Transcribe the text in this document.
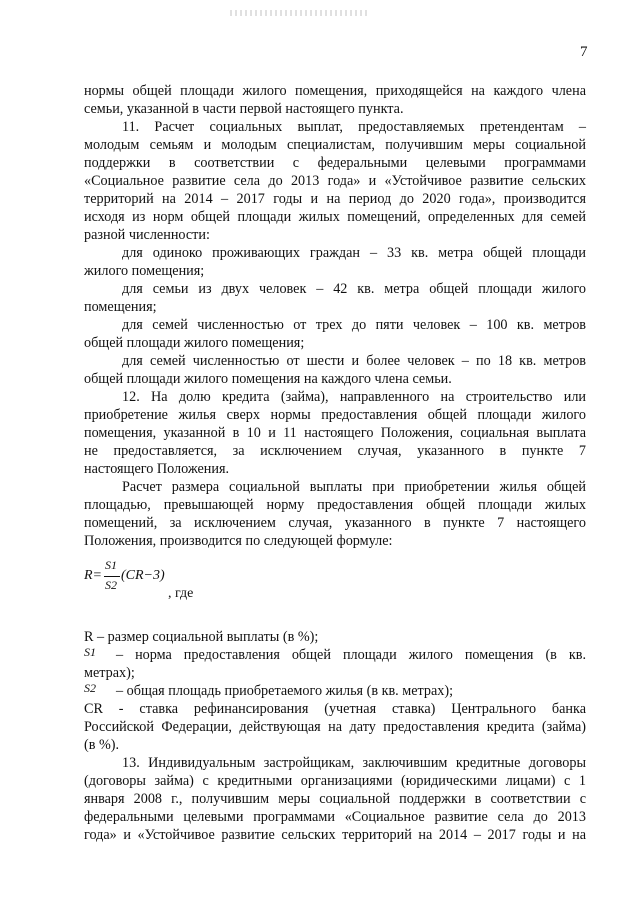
7
нормы общей площади жилого помещения, приходящейся на каждого члена
семьи, указанной в части первой настоящего пункта.
11. Расчет социальных выплат, предоставляемых претендентам –
молодым семьям и молодым специалистам, получившим меры социальной
поддержки в соответствии с федеральными целевыми программами
«Социальное развитие села до 2013 года» и «Устойчивое развитие сельских
территорий на 2014 – 2017 годы и на период до 2020 года», производится
исходя из норм общей площади жилых помещений, определенных для семей
разной численности:
для одиноко проживающих граждан – 33 кв. метра общей площади
жилого помещения;
для семьи из двух человек – 42 кв. метра общей площади жилого
помещения;
для семей численностью от трех до пяти человек – 100 кв. метров
общей площади жилого помещения;
для семей численностью от шести и более человек – по 18 кв. метров
общей площади жилого помещения на каждого члена семьи.
12. На долю кредита (займа), направленного на строительство или
приобретение жилья сверх нормы предоставления общей площади жилого
помещения, указанной в 10 и 11 настоящего Положения, социальная выплата
не предоставляется, за исключением случая, указанного в пункте 7
настоящего Положения.
Расчет размера социальной выплаты при приобретении жилья общей
площадью, превышающей норму предоставления общей площади жилых
помещений, за исключением случая, указанного в пункте 7 настоящего
Положения, производится по следующей формуле:
R – размер социальной выплаты (в %);
– норма предоставления общей площади жилого помещения (в кв.
метрах);
– общая площадь приобретаемого жилья (в кв. метрах);
CR - ставка рефинансирования (учетная ставка) Центрального банка
Российской Федерации, действующая на дату предоставления кредита (займа)
(в %).
13. Индивидуальным застройщикам, заключившим кредитные договоры
(договоры займа) с кредитными организациями (юридическими лицами) с 1
января 2008 г., получившим меры социальной поддержки в соответствии с
федеральными целевыми программами «Социальное развитие села до 2013
года» и «Устойчивое развитие сельских территорий на 2014 – 2017 годы и на
R=
S1
S2
(CR−3)
, где
S1
S2
